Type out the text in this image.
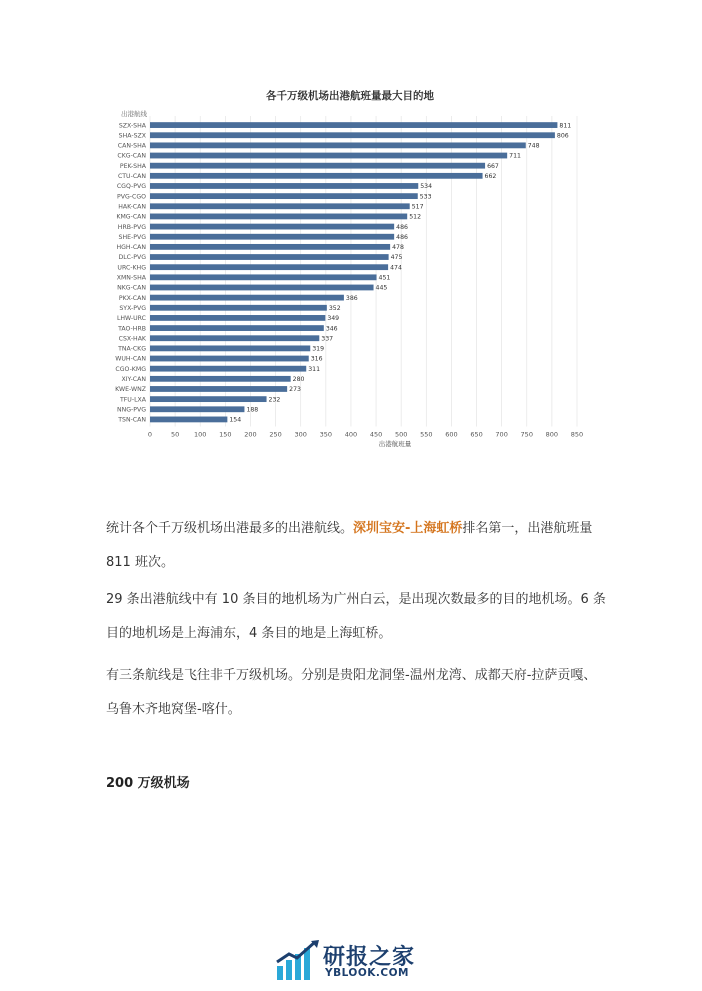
各千万级机场出港航班量最大目的地
出港航线
0	50 100 150 200 250 300 350 400 450 500 550 600 650 700 750 800 850
SZX-SHA	811
SHA-SZX	806
CAN-SHA	748
CKG-CAN	711
PEK-SHA	667
CTU-CAN	662
CGQ-PVG	534
PVG-CGO	533
HAK-CAN	517
KMG-CAN	512
HRB-PVG	486
SHE-PVG	486
HGH-CAN	478
DLC-PVG	475
URC-KHG	474
XMN-SHA	451
NKG-CAN	445
PKX-CAN	386
SYX-PVG	352
LHW-URC	349
TAO-HRB	346
CSX-HAK	337
TNA-CKG	319
WUH-CAN	316
CGO-KMG	311
XIY-CAN	280
KWE-WNZ	273
TFU-LXA	232
NNG-PVG	188
TSN-CAN	154
出港航班量

统计各个千万级机场出港最多的出港航线。深圳宝安-上海虹桥排名第一，出港航班量 811 班次。

29 条出港航线中有 10 条目的地机场为广州白云，是出现次数最多的目的地机场。6 条目的地机场是上海浦东，4 条目的地是上海虹桥。

有三条航线是飞往非千万级机场。分别是贵阳龙洞堡-温州龙湾、成都天府-拉萨贡嘎、乌鲁木齐地窝堡-喀什。

200 万级机场
研报之家
YBLOOK.COM
